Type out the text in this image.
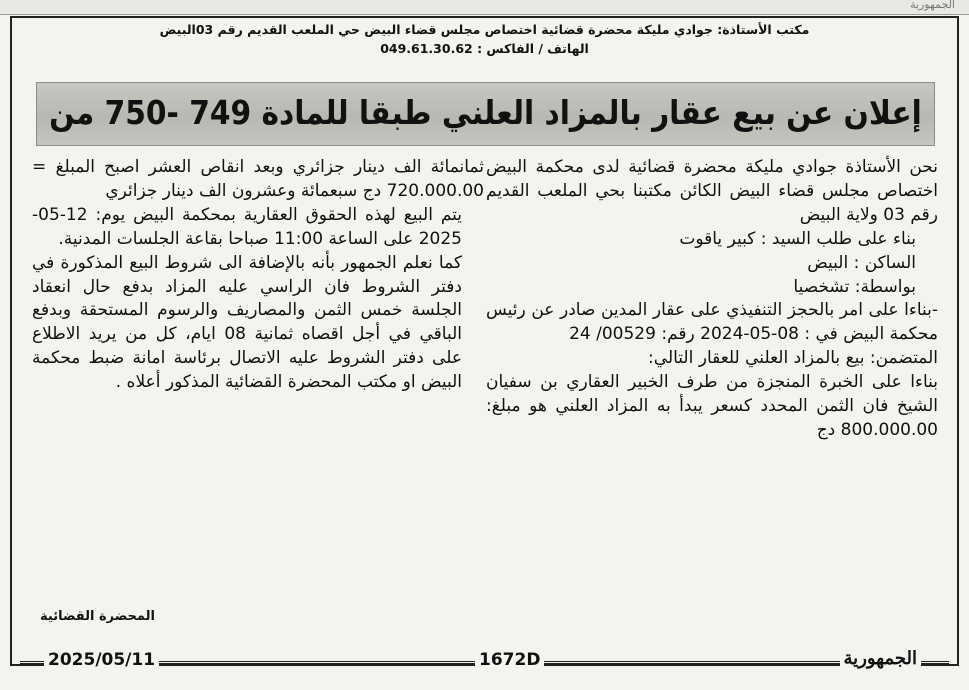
الجمهورية
مكتب الأستاذة: جوادي مليكة محضرة قضائية اختصاص مجلس قضاء البيض حي الملعب القديم رقم 03البيض
الهاتف / الفاكس : 049.61.30.62
إعلان عن بيع عقار بالمزاد العلني طبقا للمادة 749 -750 من

نحن الأستاذة جوادي مليكة محضرة قضائية لدى محكمة البيض اختصاص مجلس قضاء البيض الكائن مكتبنا بحي الملعب القديم رقم 03 ولاية البيض

بناء على طلب السيد : كبير ياقوت

الساكن : البيض

بواسطة: تشخصيا

-بناءا على امر بالحجز التنفيذي على عقار المدين صادر عن رئيس محكمة البيض في : 08-05-2024 رقم: 00529/ 24

المتضمن: بيع بالمزاد العلني للعقار التالي:

بناءا على الخبرة المنجزة من طرف الخبير العقاري بن سفيان الشيخ فان الثمن المحدد كسعر يبدأ به المزاد العلني هو مبلغ: 800.000.00 دج

ثمانمائة الف دينار جزائري وبعد انقاص العشر اصبح المبلغ = 720.000.00 دج سبعمائة وعشرون الف دينار جزائري

يتم البيع لهذه الحقوق العقارية بمحكمة البيض يوم: 12-05-2025 على الساعة 11:00 صباحا بقاعة الجلسات المدنية.

كما نعلم الجمهور بأنه بالإضافة الى شروط البيع المذكورة في دفتر الشروط فان الراسي عليه المزاد بدفع حال انعقاد الجلسة خمس الثمن والمصاريف والرسوم المستحقة وبدفع الباقي في أجل اقصاه ثمانية 08 ايام، كل من يريد الاطلاع على دفتر الشروط عليه الاتصال برئاسة امانة ضبط محكمة البيض او مكتب المحضرة القضائية المذكور أعلاه .

المحضرة القضائية
2025/05/11	1672D	الجمهورية
